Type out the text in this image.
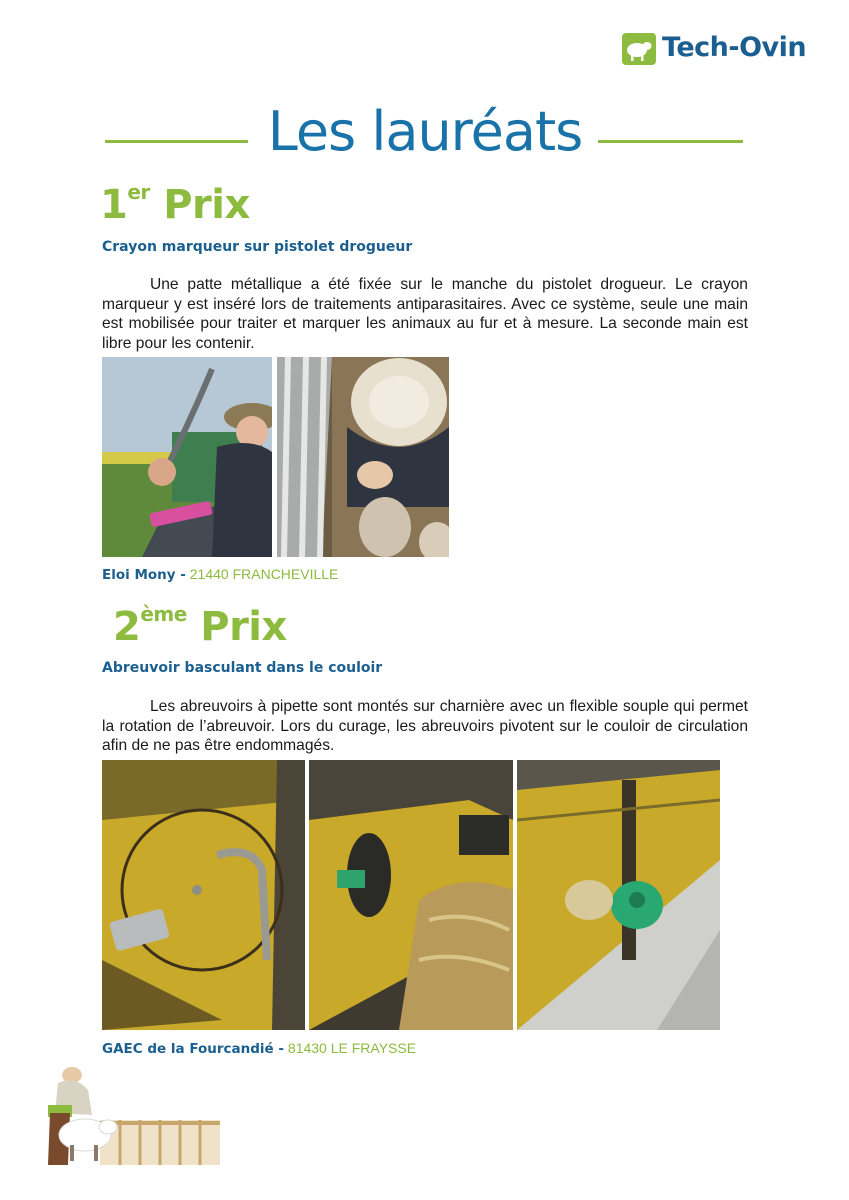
Tech-Ovin
Les lauréats
1er Prix
Crayon marqueur sur pistolet drogueur
Une patte métallique a été fixée sur le manche du pistolet drogueur. Le crayon marqueur y est inséré lors de traitements antiparasitaires. Avec ce système, seule une main est mobilisée pour traiter et marquer les animaux au fur et à mesure. La seconde main est libre pour les contenir.
Eloi Mony - 21440 FRANCHEVILLE
2ème Prix
Abreuvoir basculant dans le couloir
Les abreuvoirs à pipette sont montés sur charnière avec un flexible souple qui permet la rotation de l’abreuvoir. Lors du curage, les abreuvoirs pivotent sur le couloir de circulation afin de ne pas être endommagés.
GAEC de la Fourcandié - 81430 LE FRAYSSE
